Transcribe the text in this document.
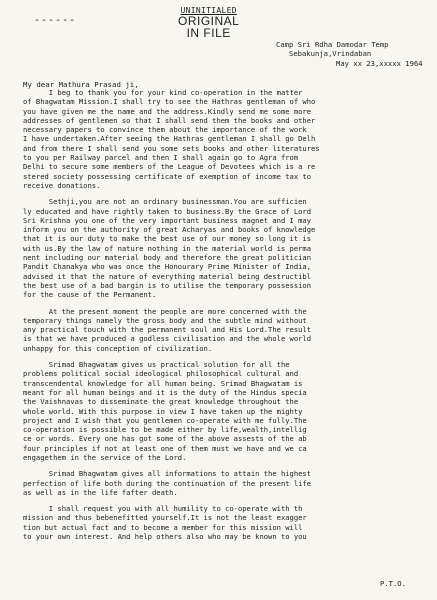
------
UNINITIALED
ORIGINAL
IN FILE
Camp Sri Rdha Damodar Temp
Sebakunja,Vrindaban
May xx 23,xxxxx 1964
My dear Mathura Prasad ji,
I beg to thank you for your kind co-operation in the matter
of Bhagwatam Mission.I shall try to see the Hathras gentleman of who
you have given me the name and the address.Kindly send me some more
addresses of gentlemen so that I shall send them the books and other
necessary papers to convince them about the importance of the work
I have undertaken.After seeing the Hathras gentleman I shall go Delh
and from there I shall send you some sets books and other literatures
to you per Railway parcel and then I shall again go to Agra from
Delhi to secure some members of the League of Devotees which is a re
stered society possessing certificate of exemption of income tax to
receive donations.
Sethji,you are not an ordinary businessman.You are sufficien
ly educated and have rightly taken to business.By the Grace of Lord
Sri Krishna you one of the very important business magnet and I may
inform you on the authority of great Acharyas and books of knowledge
that it is our duty to make the best use of our money so long it is
with us.By the law of nature nothing in the material world is perma
nent including our material body and therefore the great politician
Pandit Chanakya who was once the Honourary Prime Minister of India,
advised it that the nature of everything material being destructibl
the best use of a bad bargin is to utilise the temporary possession
for the cause of the Permanent.
At the present moment the people are more concerned with the
temporary things namely the gross body and the subtle mind without
any practical touch with the permanent soul and His Lord.The result
is that we have produced a godless civilisation and the whole world
unhappy for this conception of civilization.
Srimad Bhagwatam gives us practical solution for all the
problems political social ideological philosophical cultural and
transcendental knowledge for all human being. Srimad Bhagwatam is
meant for all human beings and it is the duty of the Hindus specia
the Vaishnavas to disseminate the great knowledge throughout the
whole world. With this purpose in view I have taken up the mighty
project and I wish that you gentlemen co-operate with me fully.The
co-operation is possible to be made either by life,wealth,intellig
ce or words. Every one has got some of the above assests of the ab
four principles if not at least one of them must we have and we ca
engagethem in the service of the Lord.
Srimad Bhagwatam gives all informations to attain the highest
perfection of life both during the continuation of the present life
as well as in the life fafter death.
I shall request you with all humility to co-operate with th
mission and thus bebenefitted yourself.It is not the least exagger
tion but actual fact and to become a member for this mission will
to your own interest. And help others also who may be known to you
P.T.O.
